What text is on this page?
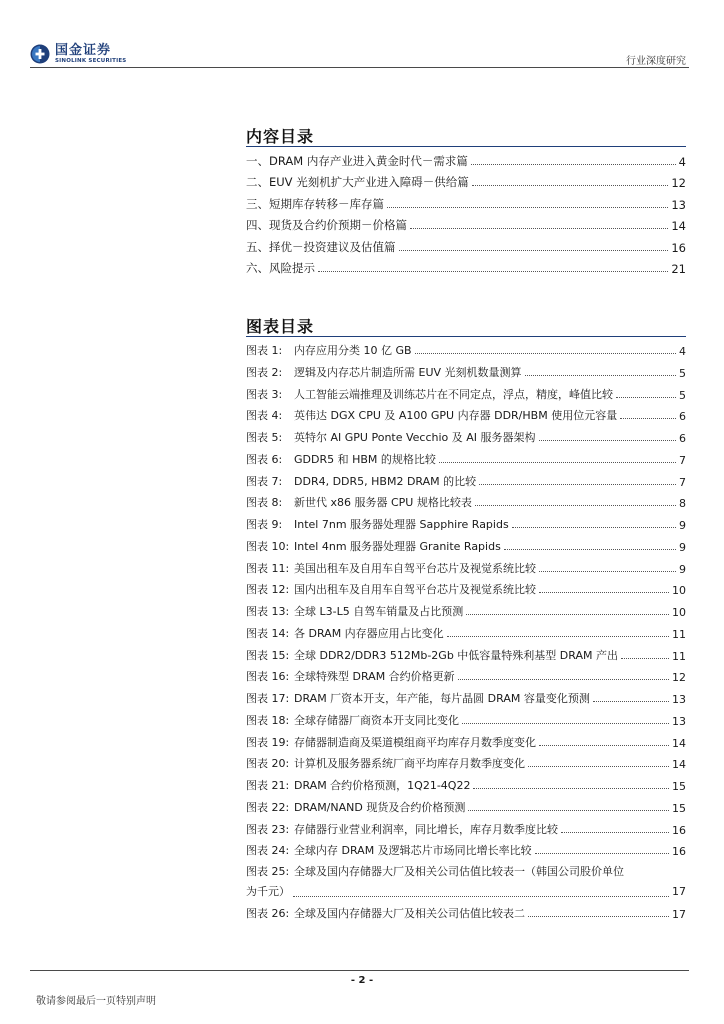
国金证券
SINOLINK SECURITIES	行业深度研究
内容目录
一、DRAM 内存产业进入黄金时代－需求篇	4
二、EUV 光刻机扩大产业进入障碍－供给篇	12
三、短期库存转移－库存篇	13
四、现货及合约价预期－价格篇	14
五、择优－投资建议及估值篇	16
六、风险提示	21
图表目录
图表 1:	内存应用分类 10 亿 GB	4
图表 2:	逻辑及内存芯片制造所需 EUV 光刻机数量测算	5
图表 3:	人工智能云端推理及训练芯片在不同定点，浮点，精度，峰值比较	5
图表 4:	英伟达 DGX CPU 及 A100 GPU 内存器 DDR/HBM 使用位元容量	6
图表 5:	英特尔 AI GPU Ponte Vecchio 及 AI 服务器架构	6
图表 6:	GDDR5 和 HBM 的规格比较	7
图表 7:	DDR4, DDR5, HBM2 DRAM 的比较	7
图表 8:	新世代 x86 服务器 CPU 规格比较表	8
图表 9:	Intel 7nm 服务器处理器 Sapphire Rapids	9
图表 10: Intel 4nm 服务器处理器 Granite Rapids	9
图表 11: 美国出租车及自用车自驾平台芯片及视觉系统比较	9
图表 12: 国内出租车及自用车自驾平台芯片及视觉系统比较	10
图表 13: 全球 L3-L5 自驾车销量及占比预测	10
图表 14: 各 DRAM 内存器应用占比变化	11
图表 15: 全球 DDR2/DDR3 512Mb-2Gb 中低容量特殊利基型 DRAM 产出	11
图表 16: 全球特殊型 DRAM 合约价格更新	12
图表 17: DRAM 厂资本开支，年产能，每片晶圆 DRAM 容量变化预测	13
图表 18: 全球存储器厂商资本开支同比变化	13
图表 19: 存储器制造商及渠道模组商平均库存月数季度变化	14
图表 20: 计算机及服务器系统厂商平均库存月数季度变化	14
图表 21: DRAM 合约价格预测，1Q21-4Q22	15
图表 22: DRAM/NAND 现货及合约价格预测	15
图表 23: 存储器行业营业利润率，同比增长，库存月数季度比较	16
图表 24: 全球内存 DRAM 及逻辑芯片市场同比增长率比较	16
图表 25: 全球及国内存储器大厂及相关公司估值比较表一（韩国公司股价单位
为千元）	17
图表 26: 全球及国内存储器大厂及相关公司估值比较表二	17
- 2 -
敬请参阅最后一页特别声明
